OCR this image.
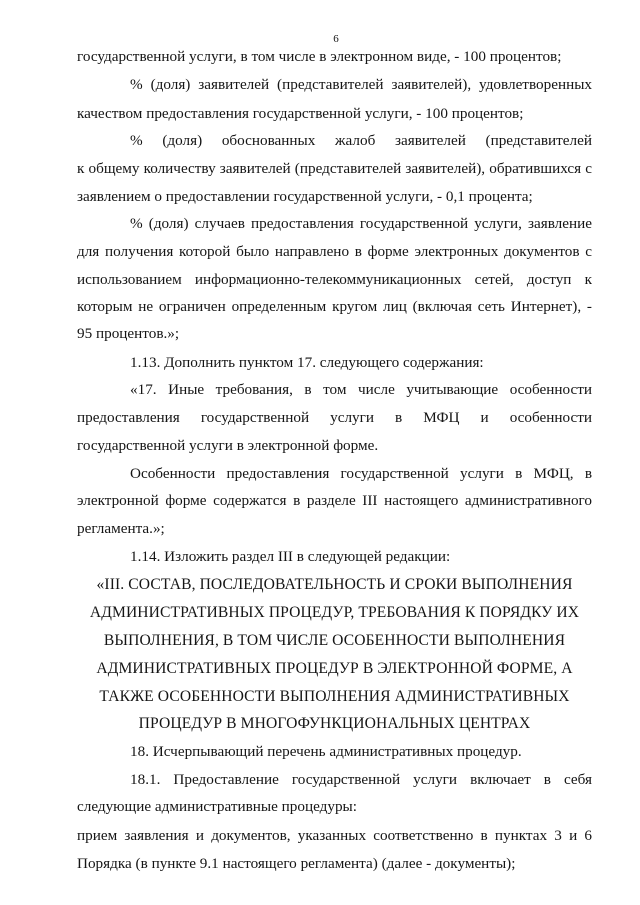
6
государственной услуги, в том числе в электронном виде, - 100 процентов;
% (доля) заявителей (представителей заявителей), удовлетворенных
качеством предоставления государственной услуги, - 100 процентов;
% (доля) обоснованных жалоб заявителей (представителей
к общему количеству заявителей (представителей заявителей), обратившихся с
заявлением о предоставлении государственной услуги, - 0,1 процента;
% (доля) случаев предоставления государственной услуги, заявление
для получения которой было направлено в форме электронных документов с
использованием информационно-телекоммуникационных сетей, доступ к
которым не ограничен определенным кругом лиц (включая сеть Интернет), -
95 процентов.»;
1.13. Дополнить пунктом 17. следующего содержания:
«17. Иные требования, в том числе учитывающие особенности
предоставления государственной услуги в МФЦ и особенности
государственной услуги в электронной форме.
Особенности предоставления государственной услуги в МФЦ, в
электронной форме содержатся в разделе III настоящего административного
регламента.»;
1.14. Изложить раздел III в следующей редакции:
«III. СОСТАВ, ПОСЛЕДОВАТЕЛЬНОСТЬ И СРОКИ ВЫПОЛНЕНИЯ
АДМИНИСТРАТИВНЫХ ПРОЦЕДУР, ТРЕБОВАНИЯ К ПОРЯДКУ ИХ
ВЫПОЛНЕНИЯ, В ТОМ ЧИСЛЕ ОСОБЕННОСТИ ВЫПОЛНЕНИЯ
АДМИНИСТРАТИВНЫХ ПРОЦЕДУР В ЭЛЕКТРОННОЙ ФОРМЕ, А
ТАКЖЕ ОСОБЕННОСТИ ВЫПОЛНЕНИЯ АДМИНИСТРАТИВНЫХ
ПРОЦЕДУР В МНОГОФУНКЦИОНАЛЬНЫХ ЦЕНТРАХ
18. Исчерпывающий перечень административных процедур.
18.1. Предоставление государственной услуги включает в себя
следующие административные процедуры:
прием заявления и документов, указанных соответственно в пунктах 3 и 6
Порядка (в пункте 9.1 настоящего регламента) (далее - документы);
